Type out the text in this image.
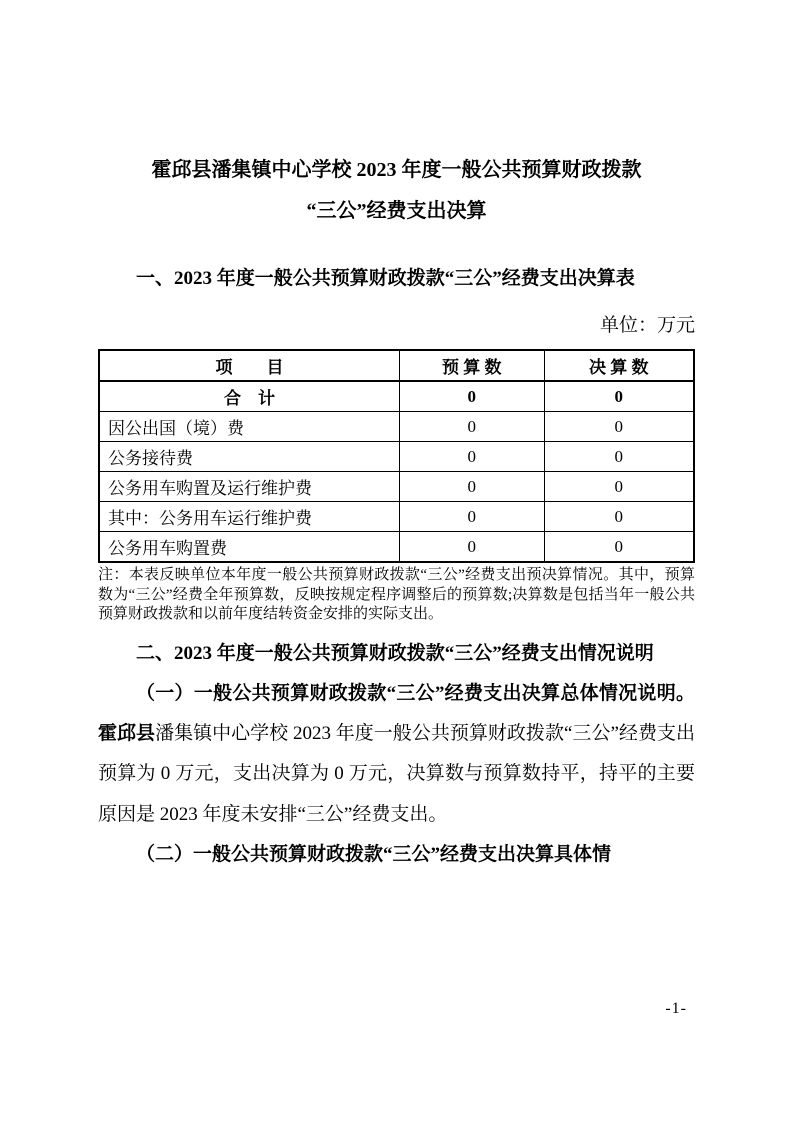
霍邱县潘集镇中心学校 2023 年度一般公共预算财政拨款
“三公”经费支出决算

一、2023 年度一般公共预算财政拨款“三公”经费支出决算表

单位：万元

项　　目	预 算 数	决 算 数
合　计	0	0
因公出国（境）费	0	0
公务接待费	0	0
公务用车购置及运行维护费	0	0
其中：公务用车运行维护费	0	0
公务用车购置费	0	0

注：本表反映单位本年度一般公共预算财政拨款“三公”经费支出预决算情况。其中，预算数为“三公”经费全年预算数，反映按规定程序调整后的预算数;决算数是包括当年一般公共预算财政拨款和以前年度结转资金安排的实际支出。

二、2023 年度一般公共预算财政拨款“三公”经费支出情况说明

（一）一般公共预算财政拨款“三公”经费支出决算总体情况说明。霍邱县潘集镇中心学校 2023 年度一般公共预算财政拨款“三公”经费支出预算为 0 万元，支出决算为 0 万元，决算数与预算数持平，持平的主要原因是 2023 年度未安排“三公”经费支出。

（二）一般公共预算财政拨款“三公”经费支出决算具体情

-1-
